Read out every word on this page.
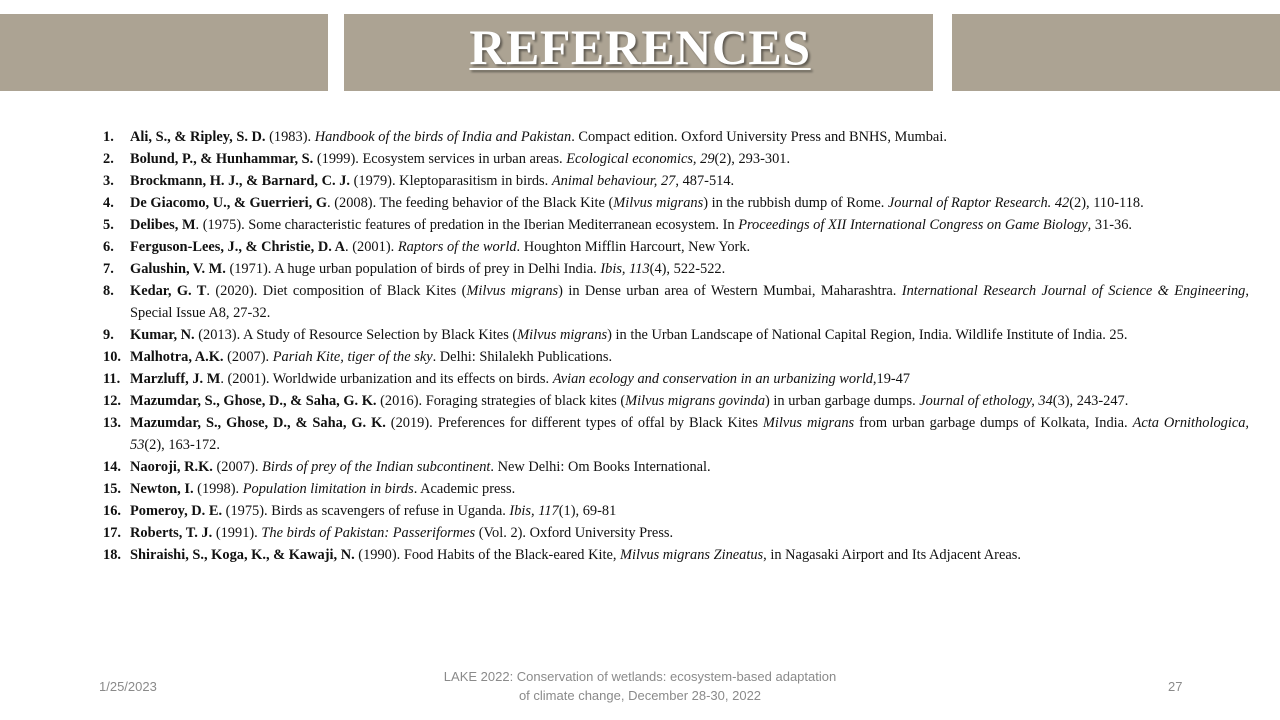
REFERENCES
1. Ali, S., & Ripley, S. D. (1983). Handbook of the birds of India and Pakistan. Compact edition. Oxford University Press and BNHS, Mumbai.
2. Bolund, P., & Hunhammar, S. (1999). Ecosystem services in urban areas. Ecological economics, 29(2), 293-301.
3. Brockmann, H. J., & Barnard, C. J. (1979). Kleptoparasitism in birds. Animal behaviour, 27, 487-514.
4. De Giacomo, U., & Guerrieri, G. (2008). The feeding behavior of the Black Kite (Milvus migrans) in the rubbish dump of Rome. Journal of Raptor Research. 42(2), 110-118.
5. Delibes, M. (1975). Some characteristic features of predation in the Iberian Mediterranean ecosystem. In Proceedings of XII International Congress on Game Biology, 31-36.
6. Ferguson-Lees, J., & Christie, D. A. (2001). Raptors of the world. Houghton Mifflin Harcourt, New York.
7. Galushin, V. M. (1971). A huge urban population of birds of prey in Delhi India. Ibis, 113(4), 522-522.
8. Kedar, G. T. (2020). Diet composition of Black Kites (Milvus migrans) in Dense urban area of Western Mumbai, Maharashtra. International Research Journal of Science & Engineering, Special Issue A8, 27-32.
9. Kumar, N. (2013). A Study of Resource Selection by Black Kites (Milvus migrans) in the Urban Landscape of National Capital Region, India. Wildlife Institute of India. 25.
10. Malhotra, A.K. (2007). Pariah Kite, tiger of the sky. Delhi: Shilalekh Publications.
11. Marzluff, J. M. (2001). Worldwide urbanization and its effects on birds. Avian ecology and conservation in an urbanizing world,19-47
12. Mazumdar, S., Ghose, D., & Saha, G. K. (2016). Foraging strategies of black kites (Milvus migrans govinda) in urban garbage dumps. Journal of ethology, 34(3), 243-247.
13. Mazumdar, S., Ghose, D., & Saha, G. K. (2019). Preferences for different types of offal by Black Kites Milvus migrans from urban garbage dumps of Kolkata, India. Acta Ornithologica, 53(2), 163-172.
14. Naoroji, R.K. (2007). Birds of prey of the Indian subcontinent. New Delhi: Om Books International.
15. Newton, I. (1998). Population limitation in birds. Academic press.
16. Pomeroy, D. E. (1975). Birds as scavengers of refuse in Uganda. Ibis, 117(1), 69-81
17. Roberts, T. J. (1991). The birds of Pakistan: Passeriformes (Vol. 2). Oxford University Press.
18. Shiraishi, S., Koga, K., & Kawaji, N. (1990). Food Habits of the Black-eared Kite, Milvus migrans Zineatus, in Nagasaki Airport and Its Adjacent Areas.
1/25/2023
LAKE 2022: Conservation of wetlands: ecosystem-based adaptation of climate change, December 28-30, 2022
27
